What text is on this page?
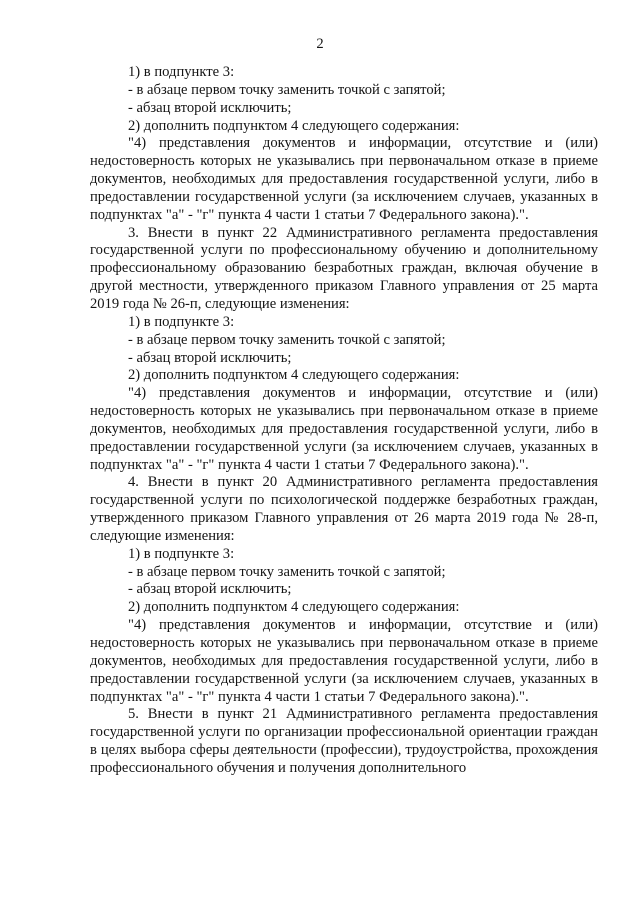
2

1) в подпункте 3:

- в абзаце первом точку заменить точкой с запятой;

- абзац второй исключить;

2) дополнить подпунктом 4 следующего содержания:

"4) представления документов и информации, отсутствие и (или) недостоверность которых не указывались при первоначальном отказе в приеме документов, необходимых для предоставления государственной услуги, либо в предоставлении государственной услуги (за исключением случаев, указанных в подпунктах "а" - "г" пункта 4 части 1 статьи 7 Федерального закона).".

3. Внести в пункт 22 Административного регламента предоставления государственной услуги по профессиональному обучению и дополнительному профессиональному образованию безработных граждан, включая обучение в другой местности, утвержденного приказом Главного управления от 25 марта 2019 года № 26-п, следующие изменения:

1) в подпункте 3:

- в абзаце первом точку заменить точкой с запятой;

- абзац второй исключить;

2) дополнить подпунктом 4 следующего содержания:

"4) представления документов и информации, отсутствие и (или) недостоверность которых не указывались при первоначальном отказе в приеме документов, необходимых для предоставления государственной услуги, либо в предоставлении государственной услуги (за исключением случаев, указанных в подпунктах "а" - "г" пункта 4 части 1 статьи 7 Федерального закона).".

4. Внести в пункт 20 Административного регламента предоставления государственной услуги по психологической поддержке безработных граждан, утвержденного приказом Главного управления от 26 марта 2019 года № 28-п, следующие изменения:

1) в подпункте 3:

- в абзаце первом точку заменить точкой с запятой;

- абзац второй исключить;

2) дополнить подпунктом 4 следующего содержания:

"4) представления документов и информации, отсутствие и (или) недостоверность которых не указывались при первоначальном отказе в приеме документов, необходимых для предоставления государственной услуги, либо в предоставлении государственной услуги (за исключением случаев, указанных в подпунктах "а" - "г" пункта 4 части 1 статьи 7 Федерального закона).".

5. Внести в пункт 21 Административного регламента предоставления государственной услуги по организации профессиональной ориентации граждан в целях выбора сферы деятельности (профессии), трудоустройства, прохождения профессионального обучения и получения дополнительного
